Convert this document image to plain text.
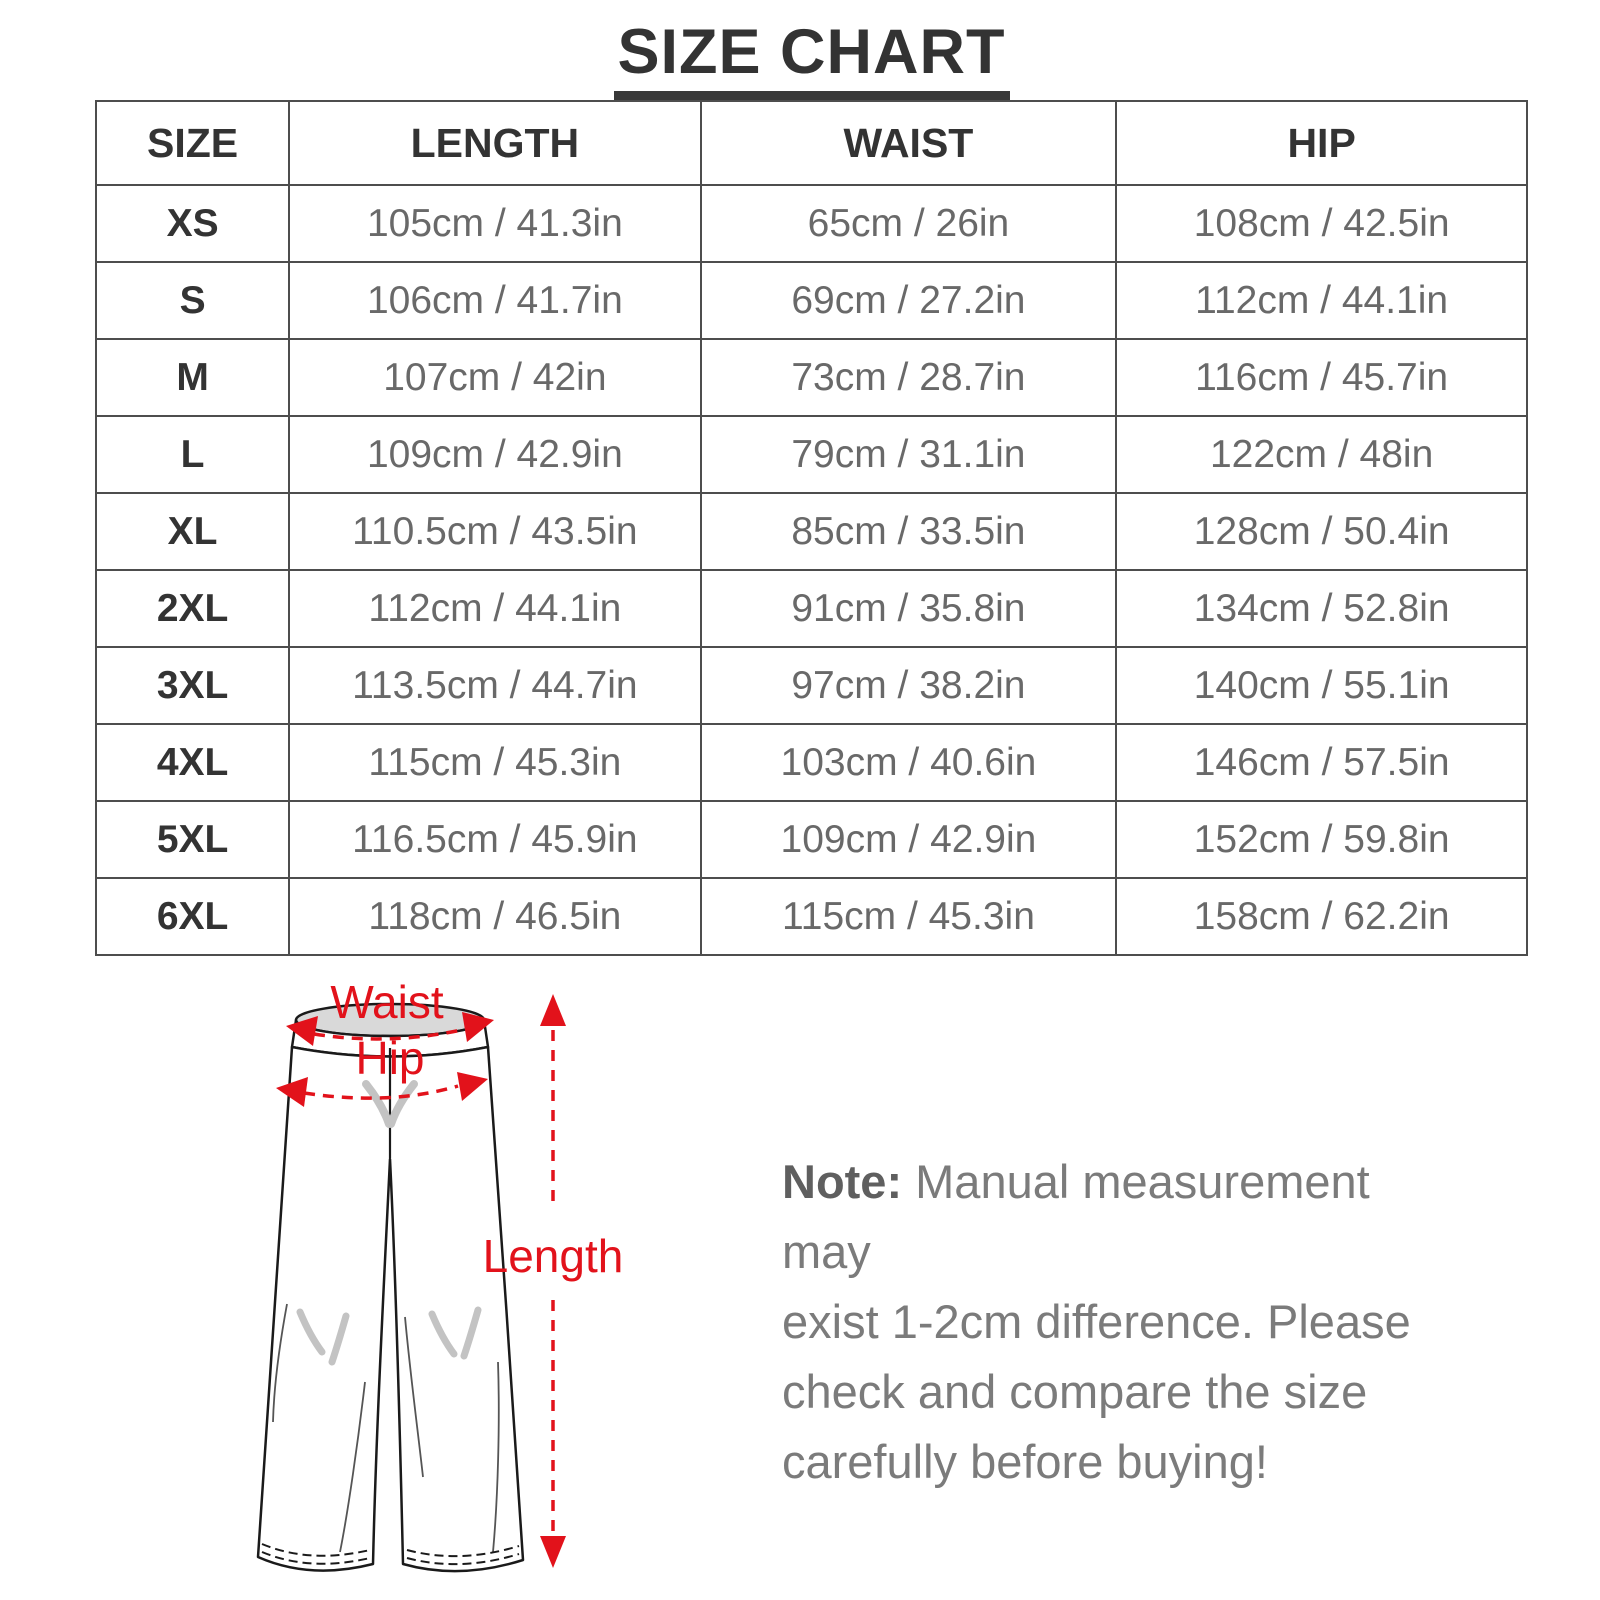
SIZE CHART
SIZE	LENGTH	WAIST	HIP
XS	105cm / 41.3in	65cm / 26in	108cm / 42.5in
S	106cm / 41.7in	69cm / 27.2in	112cm / 44.1in
M	107cm / 42in	73cm / 28.7in	116cm / 45.7in
L	109cm / 42.9in	79cm / 31.1in	122cm / 48in
XL	110.5cm / 43.5in	85cm / 33.5in	128cm / 50.4in
2XL	112cm / 44.1in	91cm / 35.8in	134cm / 52.8in
3XL	113.5cm / 44.7in	97cm / 38.2in	140cm / 55.1in
4XL	115cm / 45.3in	103cm / 40.6in	146cm / 57.5in
5XL	116.5cm / 45.9in	109cm / 42.9in	152cm / 59.8in
6XL	118cm / 46.5in	115cm / 45.3in	158cm / 62.2in
Waist
Hip
Length
Note: Manual measurement may
exist 1-2cm difference. Please
check and compare the size
carefully before buying!
